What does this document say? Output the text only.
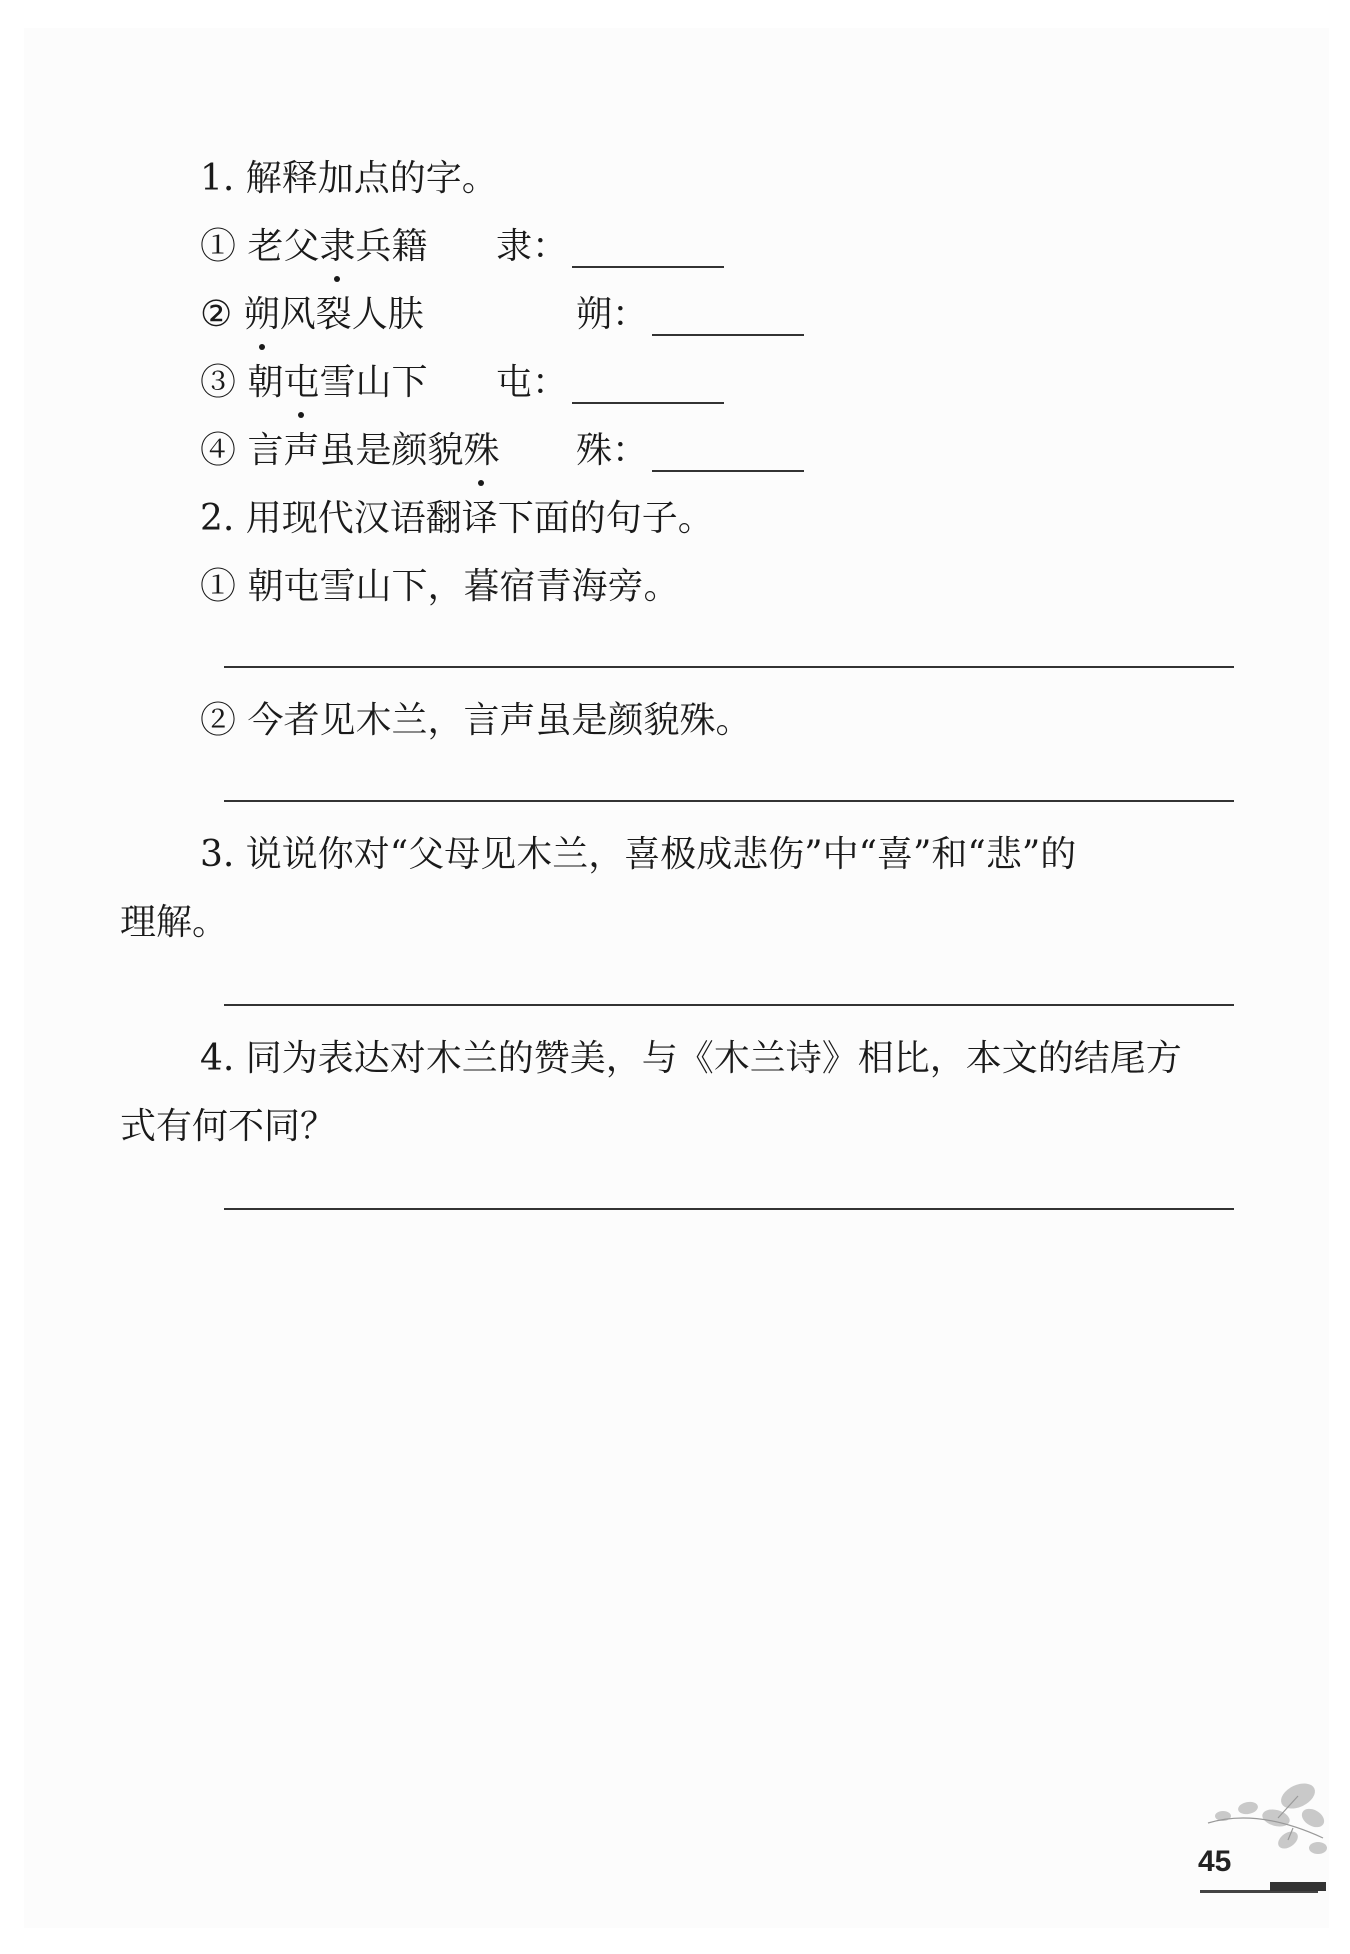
1. 解释加点的字。
① 老父隶兵籍 隶：
② 朔风裂人肤	朔：
③ 朝屯雪山下 屯：
④ 言声虽是颜貌殊 殊：
2. 用现代汉语翻译下面的句子。
① 朝屯雪山下，暮宿青海旁。
② 今者见木兰，言声虽是颜貌殊。
3. 说说你对“父母见木兰，喜极成悲伤”中“喜”和“悲”的
理解。
4. 同为表达对木兰的赞美，与《木兰诗》相比，本文的结尾方
式有何不同？
45
